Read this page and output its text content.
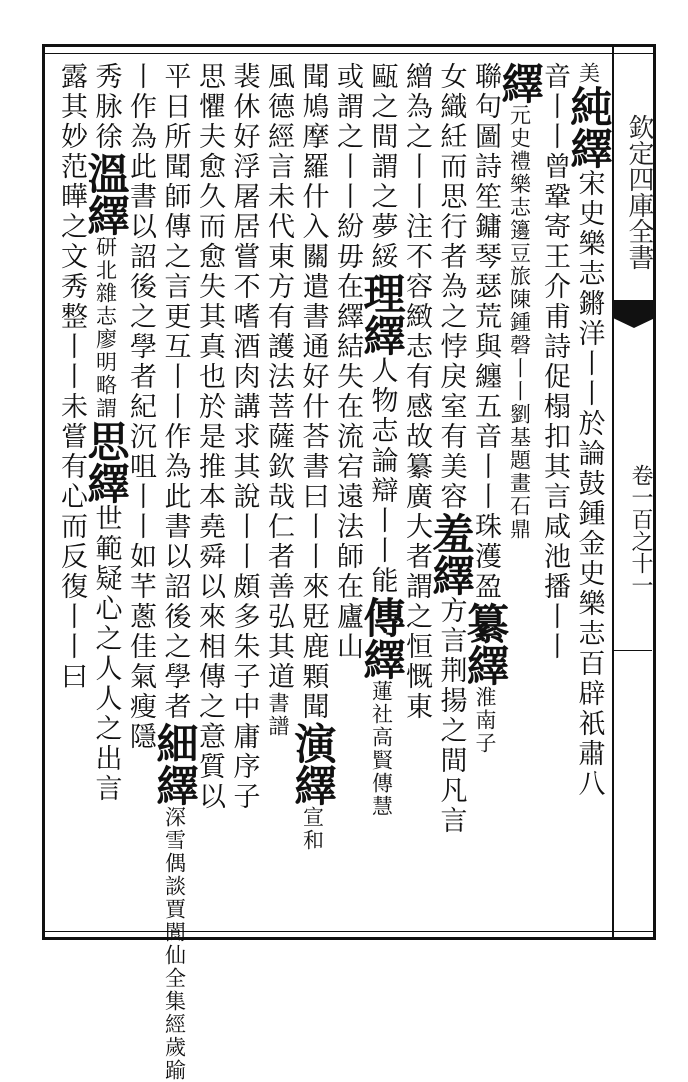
欽定四庫全書
卷一百之十一
美純繹宋史樂志鏘洋丨丨於論鼓鍾金史樂志百辟祇肅八
音丨丨曾鞏寄王介甫詩促榻扣其言咸池播丨丨
繹元史禮樂志籩豆旅陳鍾磬丨丨劉基題畫石鼎
聯句圖詩笙鏞琴瑟荒與纏五音丨丨珠濩盈纂繹淮南子
女織紝而思行者為之悖戾室有美容羞繹方言荆揚之間凡言
繒為之丨丨注不容緻志有感故纂廣大者謂之恒慨東
甌之間謂之夢綏理繹人物志論辯丨丨能傳繹蓮社高賢傳慧
或謂之丨丨紛毋在繹結失在流宕遠法師在廬山
聞鳩摩羅什入關遣書通好什荅書曰丨丨來覎鹿顆聞演繹宣和
風德經言未代東方有護法菩薩欽哉仁者善弘其道書譜
裴休好浮屠居嘗不嗜酒肉講求其說丨丨頗多朱子中庸序子
思懼夫愈久而愈失其真也於是推本堯舜以來相傳之意質以
平日所聞師傳之言更互丨丨作為此書以詔後之學者細繹深雪偶談賈閬仙全集經歲踰
丨作為此書以詔後之學者紀沉咀丨丨如芊蔥佳氣瘦隱
秀脉徐溫繹研北雜志廖明略謂思繹世範疑心之人人之出言
露其妙范曄之文秀整丨丨未嘗有心而反復丨丨曰
